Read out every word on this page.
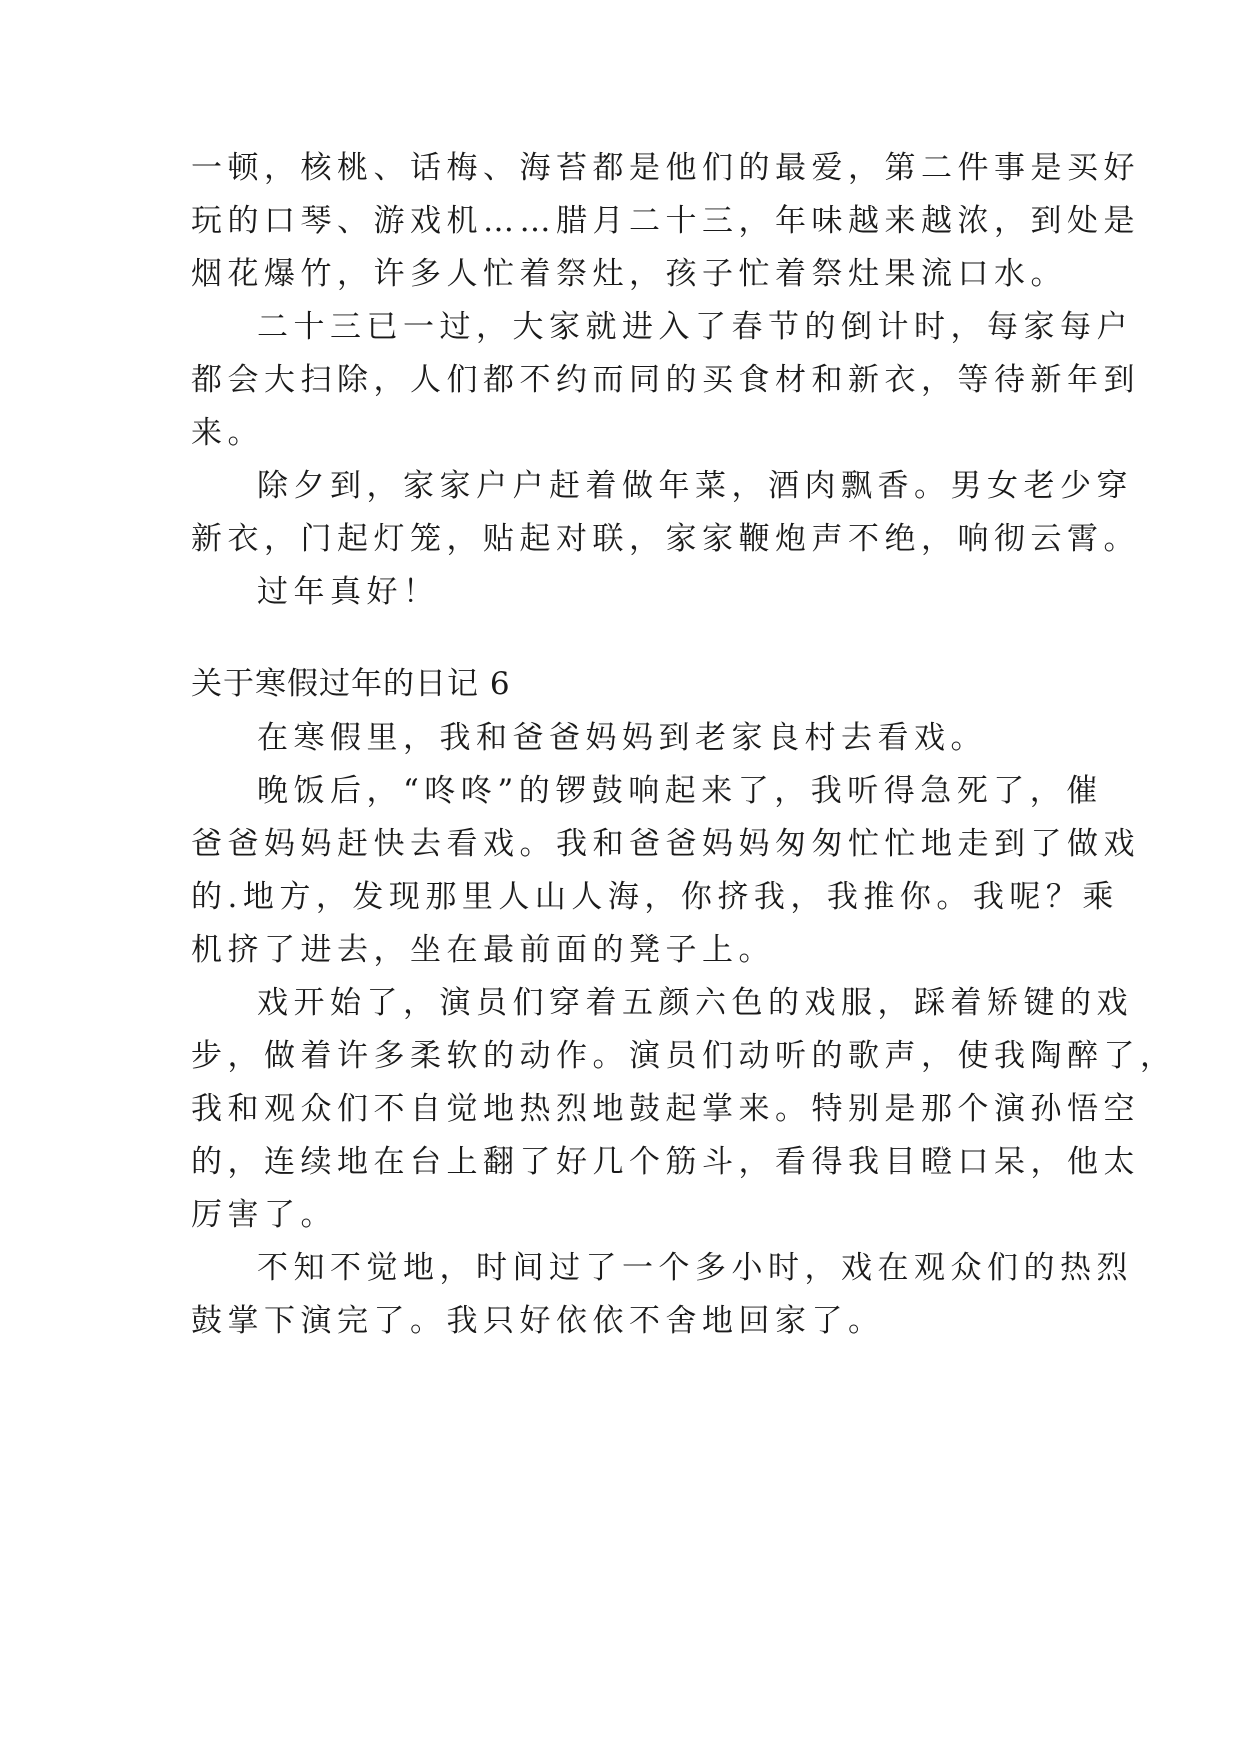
一顿，核桃、话梅、海苔都是他们的最爱，第二件事是买好
玩的口琴、游戏机……腊月二十三，年味越来越浓，到处是
烟花爆竹，许多人忙着祭灶，孩子忙着祭灶果流口水。
二十三已一过，大家就进入了春节的倒计时，每家每户
都会大扫除，人们都不约而同的买食材和新衣，等待新年到
来。
除夕到，家家户户赶着做年菜，酒肉飘香。男女老少穿
新衣，门起灯笼，贴起对联，家家鞭炮声不绝，响彻云霄。
过年真好！
关于寒假过年的日记 6
在寒假里，我和爸爸妈妈到老家良村去看戏。
晚饭后，“咚咚”的锣鼓响起来了，我听得急死了，催
爸爸妈妈赶快去看戏。我和爸爸妈妈匆匆忙忙地走到了做戏
的.地方，发现那里人山人海，你挤我，我推你。我呢？乘
机挤了进去，坐在最前面的凳子上。
戏开始了，演员们穿着五颜六色的戏服，踩着矫键的戏
步，做着许多柔软的动作。演员们动听的歌声，使我陶醉了，
我和观众们不自觉地热烈地鼓起掌来。特别是那个演孙悟空
的，连续地在台上翻了好几个筋斗，看得我目瞪口呆，他太
厉害了。
不知不觉地，时间过了一个多小时，戏在观众们的热烈
鼓掌下演完了。我只好依依不舍地回家了。
